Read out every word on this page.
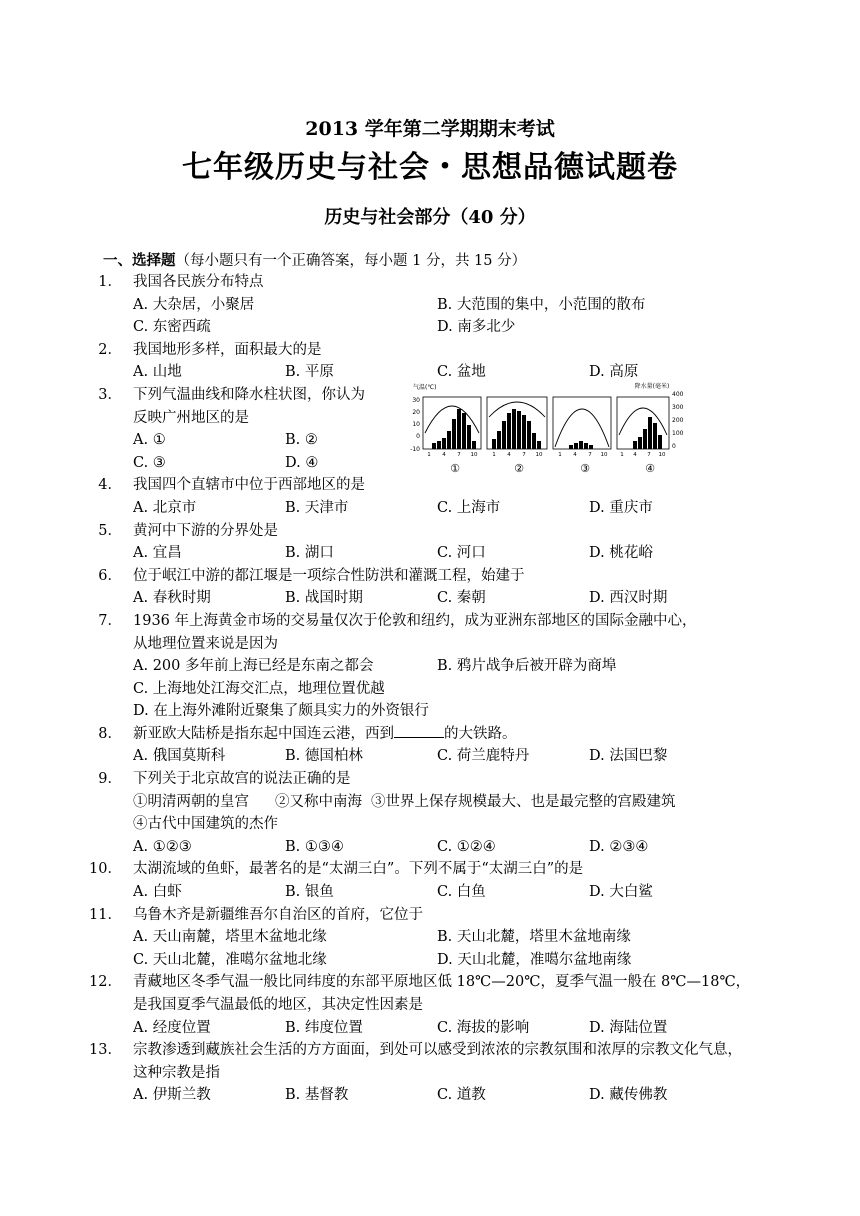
2013 学年第二学期期末考试
七年级历史与社会・思想品德试题卷
历史与社会部分（40 分）
一、选择题（每小题只有一个正确答案，每小题 1 分，共 15 分）
1． 我国各民族分布特点
A. 大杂居，小聚居	B. 大范围的集中，小范围的散布
C. 东密西疏	D. 南多北少
2． 我国地形多样，面积最大的是
A. 山地	B. 平原	C. 盆地	D. 高原
3． 下列气温曲线和降水柱状图，你认为
反映广州地区的是
A. ①	B. ②
C. ③	D. ④
4． 我国四个直辖市中位于西部地区的是
A. 北京市	B. 天津市	C. 上海市	D. 重庆市
5． 黄河中下游的分界处是
A. 宜昌	B. 湖口	C. 河口	D. 桃花峪
6． 位于岷江中游的都江堰是一项综合性防洪和灌溉工程，始建于
A. 春秋时期	B. 战国时期	C. 秦朝	D. 西汉时期
7． 1936 年上海黄金市场的交易量仅次于伦敦和纽约，成为亚洲东部地区的国际金融中心，
从地理位置来说是因为
A. 200 多年前上海已经是东南之都会	B. 鸦片战争后被开辟为商埠
C. 上海地处江海交汇点，地理位置优越
D. 在上海外滩附近聚集了颇具实力的外资银行
8． 新亚欧大陆桥是指东起中国连云港，西到	的大铁路。
A. 俄国莫斯科	B. 德国柏林	C. 荷兰鹿特丹	D. 法国巴黎
9． 下列关于北京故宫的说法正确的是
①明清两朝的皇宫 ②又称中南海 ③世界上保存规模最大、也是最完整的宫殿建筑
④古代中国建筑的杰作
A. ①②③	B. ①③④	C. ①②④	D. ②③④
10． 太湖流域的鱼虾，最著名的是“太湖三白”。下列不属于“太湖三白”的是
A. 白虾	B. 银鱼	C. 白鱼	D. 大白鲨
11． 乌鲁木齐是新疆维吾尔自治区的首府，它位于
A. 天山南麓，塔里木盆地北缘	B. 天山北麓，塔里木盆地南缘
C. 天山北麓，准噶尔盆地北缘	D. 天山北麓，准噶尔盆地南缘
12． 青藏地区冬季气温一般比同纬度的东部平原地区低 18℃—20℃，夏季气温一般在 8℃—18℃，
是我国夏季气温最低的地区，其决定性因素是
A. 经度位置	B. 纬度位置	C. 海拔的影响	D. 海陆位置
13． 宗教渗透到藏族社会生活的方方面面，到处可以感受到浓浓的宗教氛围和浓厚的宗教文化气息，
这种宗教是指
A. 伊斯兰教	B. 基督教	C. 道教	D. 藏传佛教
气温(℃)	降水量(毫米)
30
20
10
0
-10
400
300
200
100
0
1 4 7 10	1 4 7 10	1 4 7 10 1 4 7 10
①	②	③	④
